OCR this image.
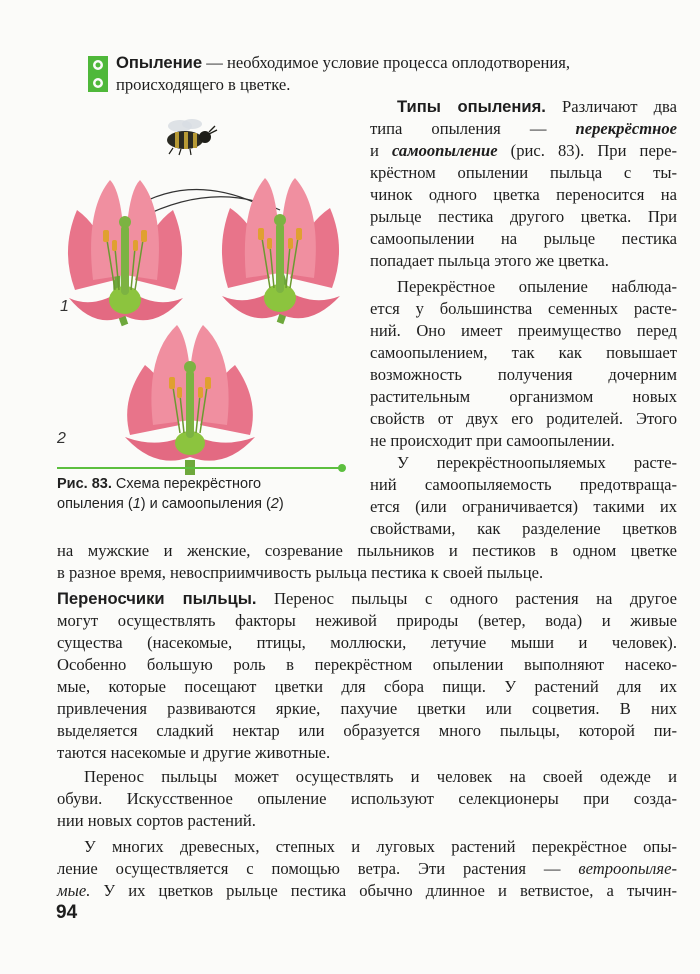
Опыление — необходимое условие процесса оплодотворения,
происходящего в цветке.
Типы опыления. Различают два
типа опыления — перекрёстное
и самоопыление (рис. 83). При пере-
крёстном опылении пыльца с ты-
чинок одного цветка переносится на
рыльце пестика другого цветка. При
самоопылении на рыльце пестика
попадает пыльца этого же цветка.
Перекрёстное опыление наблюда-
ется у большинства семенных расте-
ний. Оно имеет преимущество перед
самоопылением, так как повышает
возможность получения дочерним
растительным организмом новых
свойств от двух его родителей. Этого
не происходит при самоопылении.
У перекрёстноопыляемых расте-
ний самоопыляемость предотвраща-
ется (или ограничивается) такими их
свойствами, как разделение цветков
на мужские и женские, созревание пыльников и пестиков в одном цветке
в разное время, невосприимчивость рыльца пестика к своей пыльце.
Переносчики пыльцы. Перенос пыльцы с одного растения на другое
могут осуществлять факторы неживой природы (ветер, вода) и живые
существа (насекомые, птицы, моллюски, летучие мыши и человек).
Особенно большую роль в перекрёстном опылении выполняют насеко-
мые, которые посещают цветки для сбора пищи. У растений для их
привлечения развиваются яркие, пахучие цветки или соцветия. В них
выделяется сладкий нектар или образуется много пыльцы, которой пи-
таются насекомые и другие животные.
Перенос пыльцы может осуществлять и человек на своей одежде и
обуви. Искусственное опыление используют селекционеры при созда-
нии новых сортов растений.
У многих древесных, степных и луговых растений перекрёстное опы-
ление осуществляется с помощью ветра. Эти растения — ветроопыляе-
мые. У их цветков рыльце пестика обычно длинное и ветвистое, а тычин-
1
2
Рис. 83. Схема перекрёстного
опыления (1) и самоопыления (2)
94
